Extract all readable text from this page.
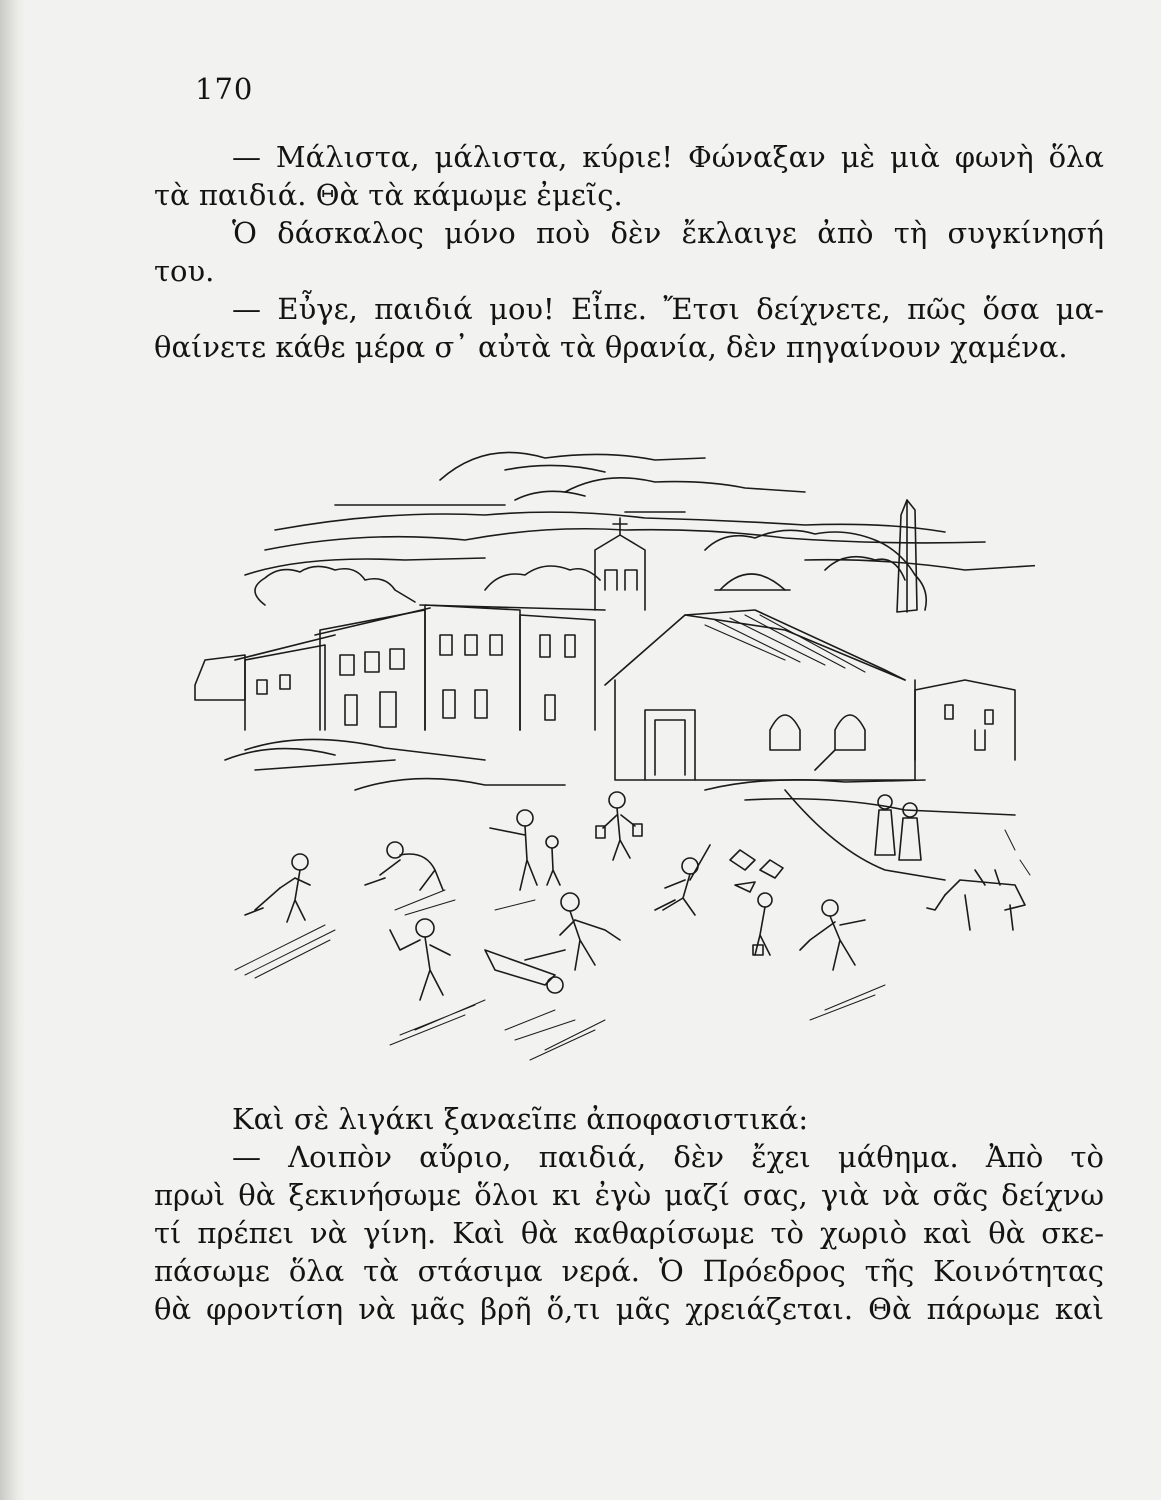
170

— Μάλιστα, μάλιστα, κύριε! Φώναξαν μὲ μιὰ φωνὴ ὅλα
τὰ παιδιά. Θὰ τὰ κάμωμε ἐμεῖς.

Ὁ δάσκαλος μόνο ποὺ δὲν ἔκλαιγε ἀπὸ τὴ συγκίνησή
του.

— Εὖγε, παιδιά μου! Εἶπε. Ἔτσι δείχνετε, πῶς ὅσα μα-
θαίνετε κάθε μέρα σ᾽ αὐτὰ τὰ θρανία, δὲν πηγαίνουν χαμένα.

Καὶ σὲ λιγάκι ξαναεῖπε ἀποφασιστικά:

— Λοιπὸν αὔριο, παιδιά, δὲν ἔχει μάθημα. Ἀπὸ τὸ
πρωὶ θὰ ξεκινήσωμε ὅλοι κι ἐγὼ μαζί σας, γιὰ νὰ σᾶς δείχνω
τί πρέπει νὰ γίνη. Καὶ θὰ καθαρίσωμε τὸ χωριὸ καὶ θὰ σκε-
πάσωμε ὅλα τὰ στάσιμα νερά. Ὁ Πρόεδρος τῆς Κοινότητας
θὰ φροντίση νὰ μᾶς βρῆ ὅ,τι μᾶς χρειάζεται. Θὰ πάρωμε καὶ
